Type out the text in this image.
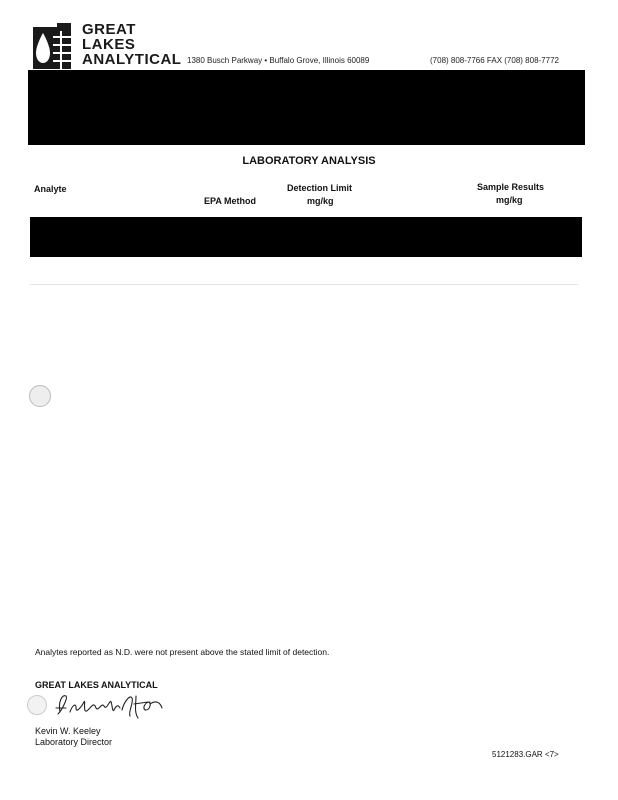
GREAT
LAKES
ANALYTICAL 1380 Busch Parkway • Buffalo Grove, Illinois 60089	(708) 808-7766 FAX (708) 808-7772
LABORATORY ANALYSIS
Analyte
EPA Method
Detection Limit
mg/kg
Sample Results
mg/kg
Analytes reported as N.D. were not present above the stated limit of detection.
GREAT LAKES ANALYTICAL
Kevin W. Keeley
Laboratory Director
5121283.GAR <7>
